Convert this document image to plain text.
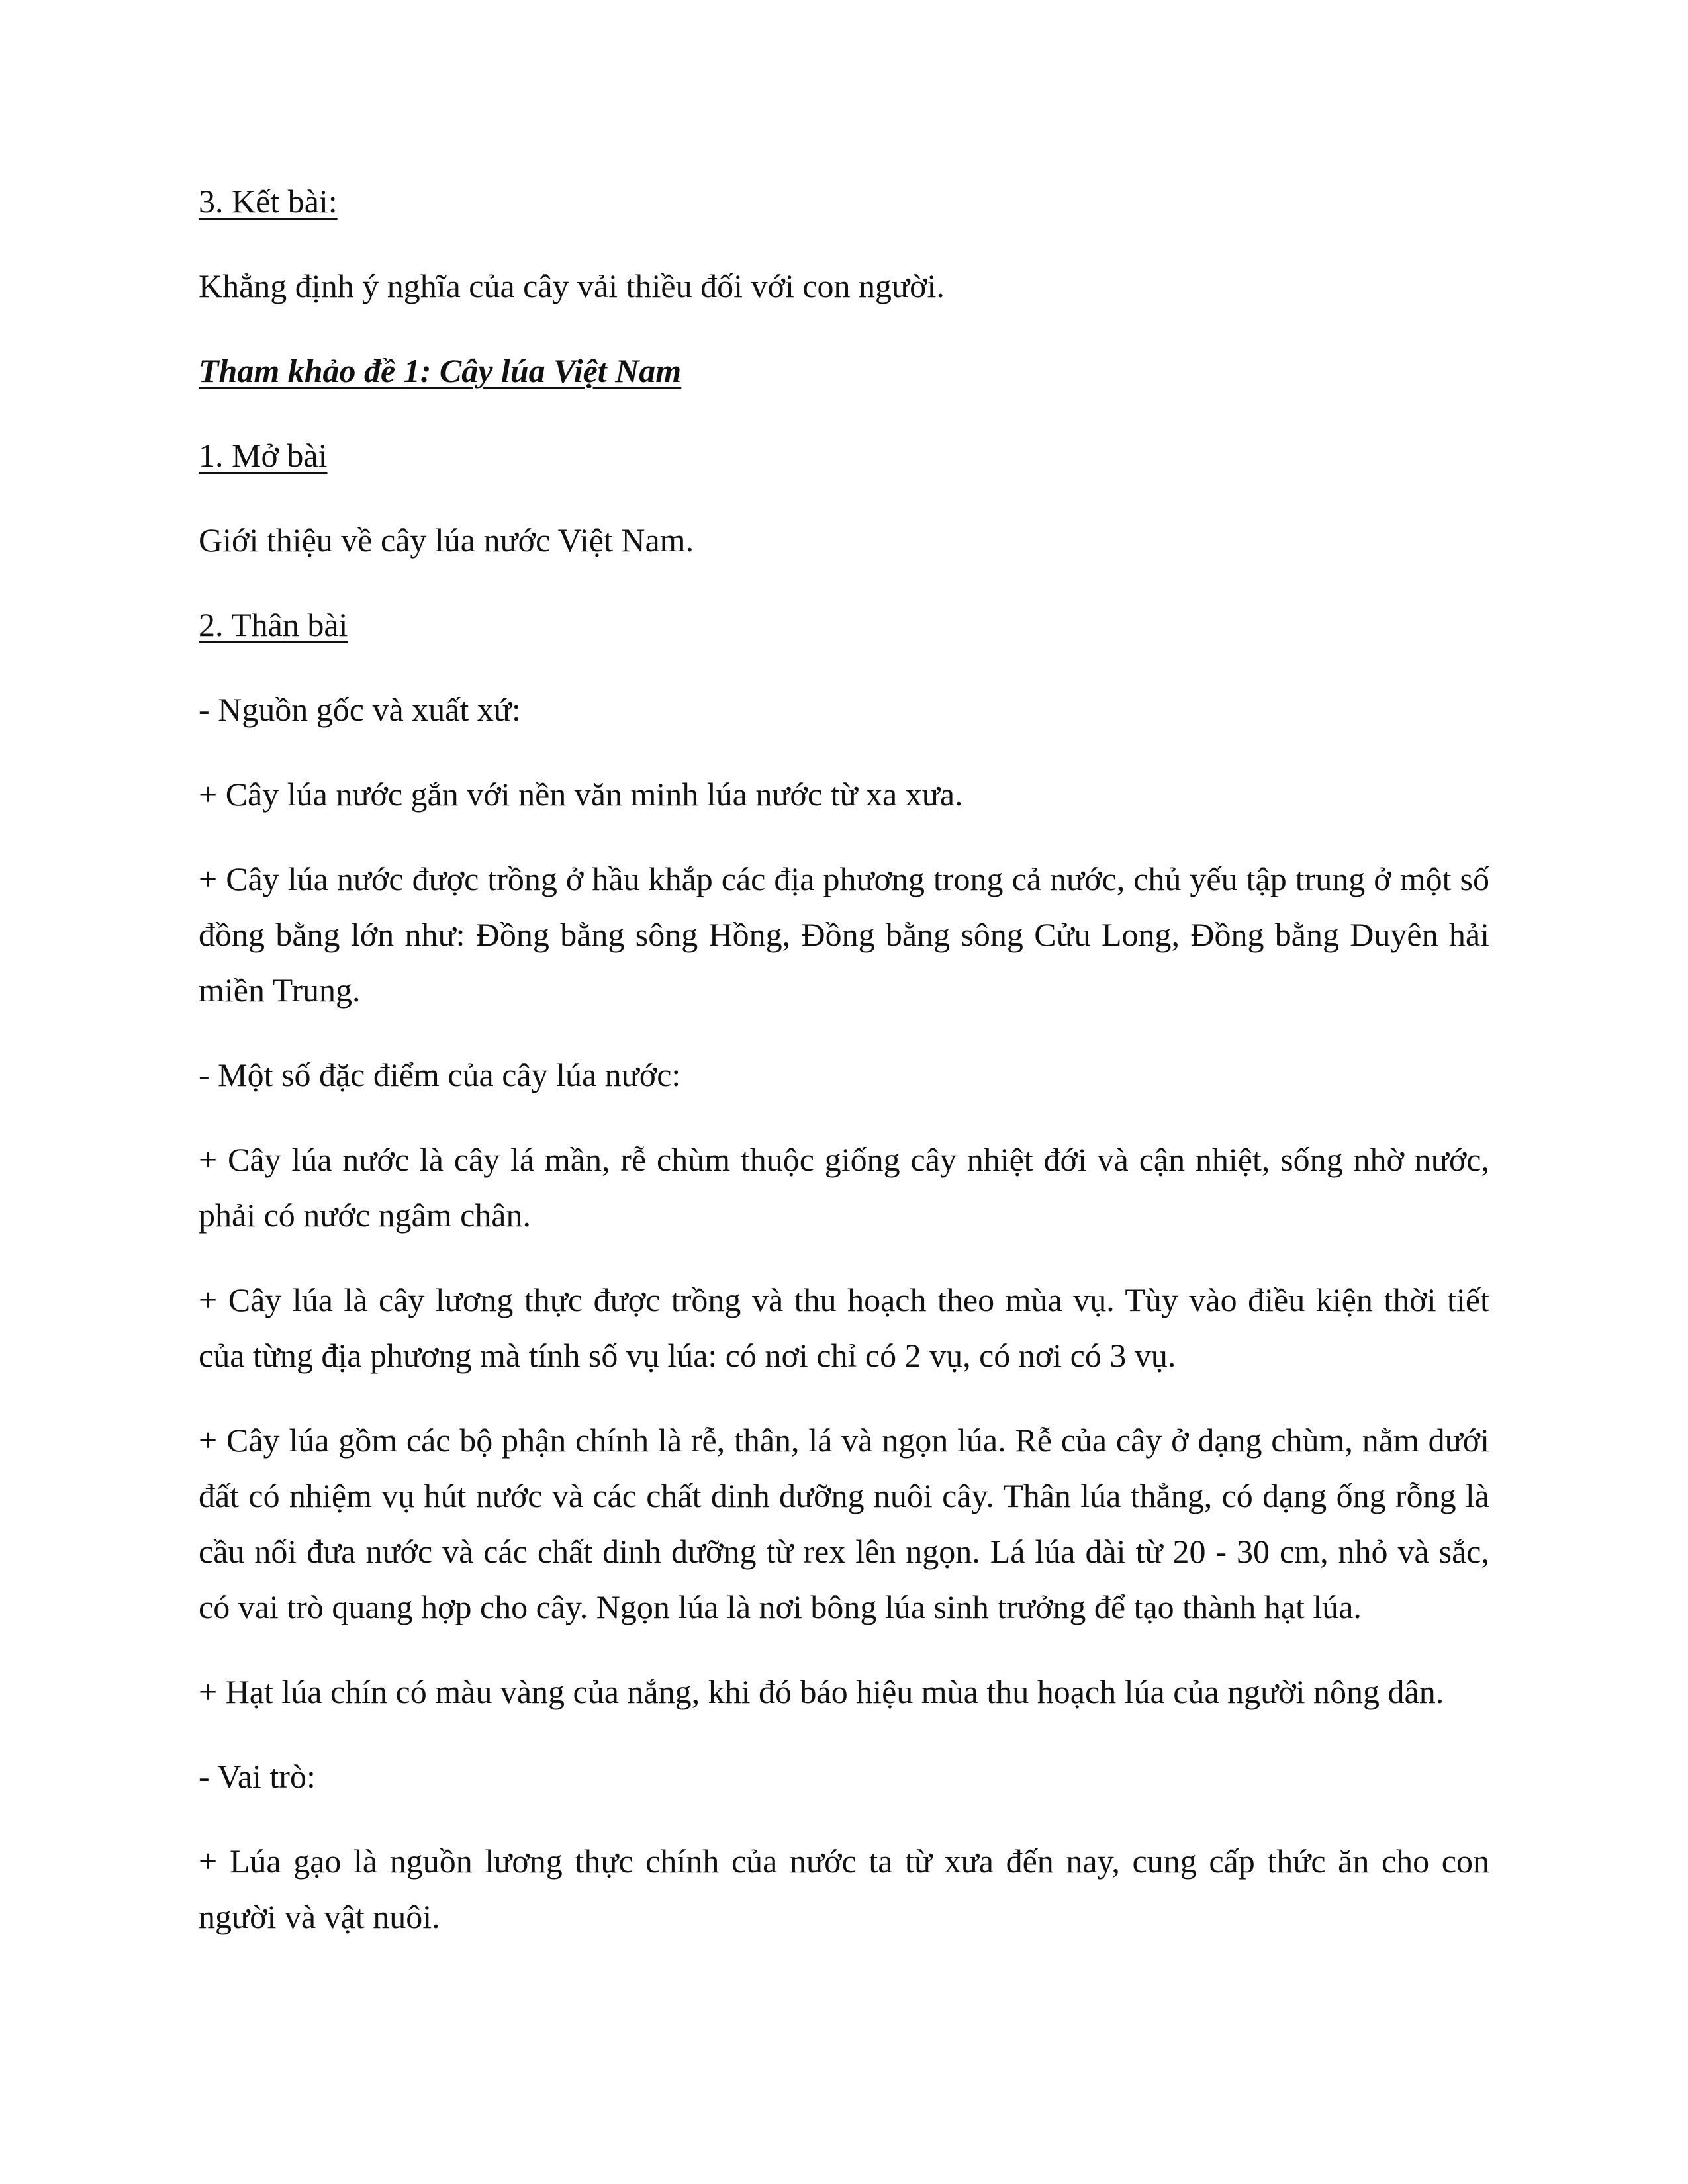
3. Kết bài:

Khẳng định ý nghĩa của cây vải thiều đối với con người.

Tham khảo đề 1: Cây lúa Việt Nam

1. Mở bài

Giới thiệu về cây lúa nước Việt Nam.

2. Thân bài

- Nguồn gốc và xuất xứ:

+ Cây lúa nước gắn với nền văn minh lúa nước từ xa xưa.

+ Cây lúa nước được trồng ở hầu khắp các địa phương trong cả nước, chủ yếu tập trung ở một số đồng bằng lớn như: Đồng bằng sông Hồng, Đồng bằng sông Cửu Long, Đồng bằng Duyên hải miền Trung.

- Một số đặc điểm của cây lúa nước:

+ Cây lúa nước là cây lá mần, rễ chùm thuộc giống cây nhiệt đới và cận nhiệt, sống nhờ nước, phải có nước ngâm chân.

+ Cây lúa là cây lương thực được trồng và thu hoạch theo mùa vụ. Tùy vào điều kiện thời tiết của từng địa phương mà tính số vụ lúa: có nơi chỉ có 2 vụ, có nơi có 3 vụ.

+ Cây lúa gồm các bộ phận chính là rễ, thân, lá và ngọn lúa. Rễ của cây ở dạng chùm, nằm dưới đất có nhiệm vụ hút nước và các chất dinh dưỡng nuôi cây. Thân lúa thẳng, có dạng ống rỗng là cầu nối đưa nước và các chất dinh dưỡng từ rex lên ngọn. Lá lúa dài từ 20 - 30 cm, nhỏ và sắc, có vai trò quang hợp cho cây. Ngọn lúa là nơi bông lúa sinh trưởng để tạo thành hạt lúa.

+ Hạt lúa chín có màu vàng của nắng, khi đó báo hiệu mùa thu hoạch lúa của người nông dân.

- Vai trò:

+ Lúa gạo là nguồn lương thực chính của nước ta từ xưa đến nay, cung cấp thức ăn cho con người và vật nuôi.
